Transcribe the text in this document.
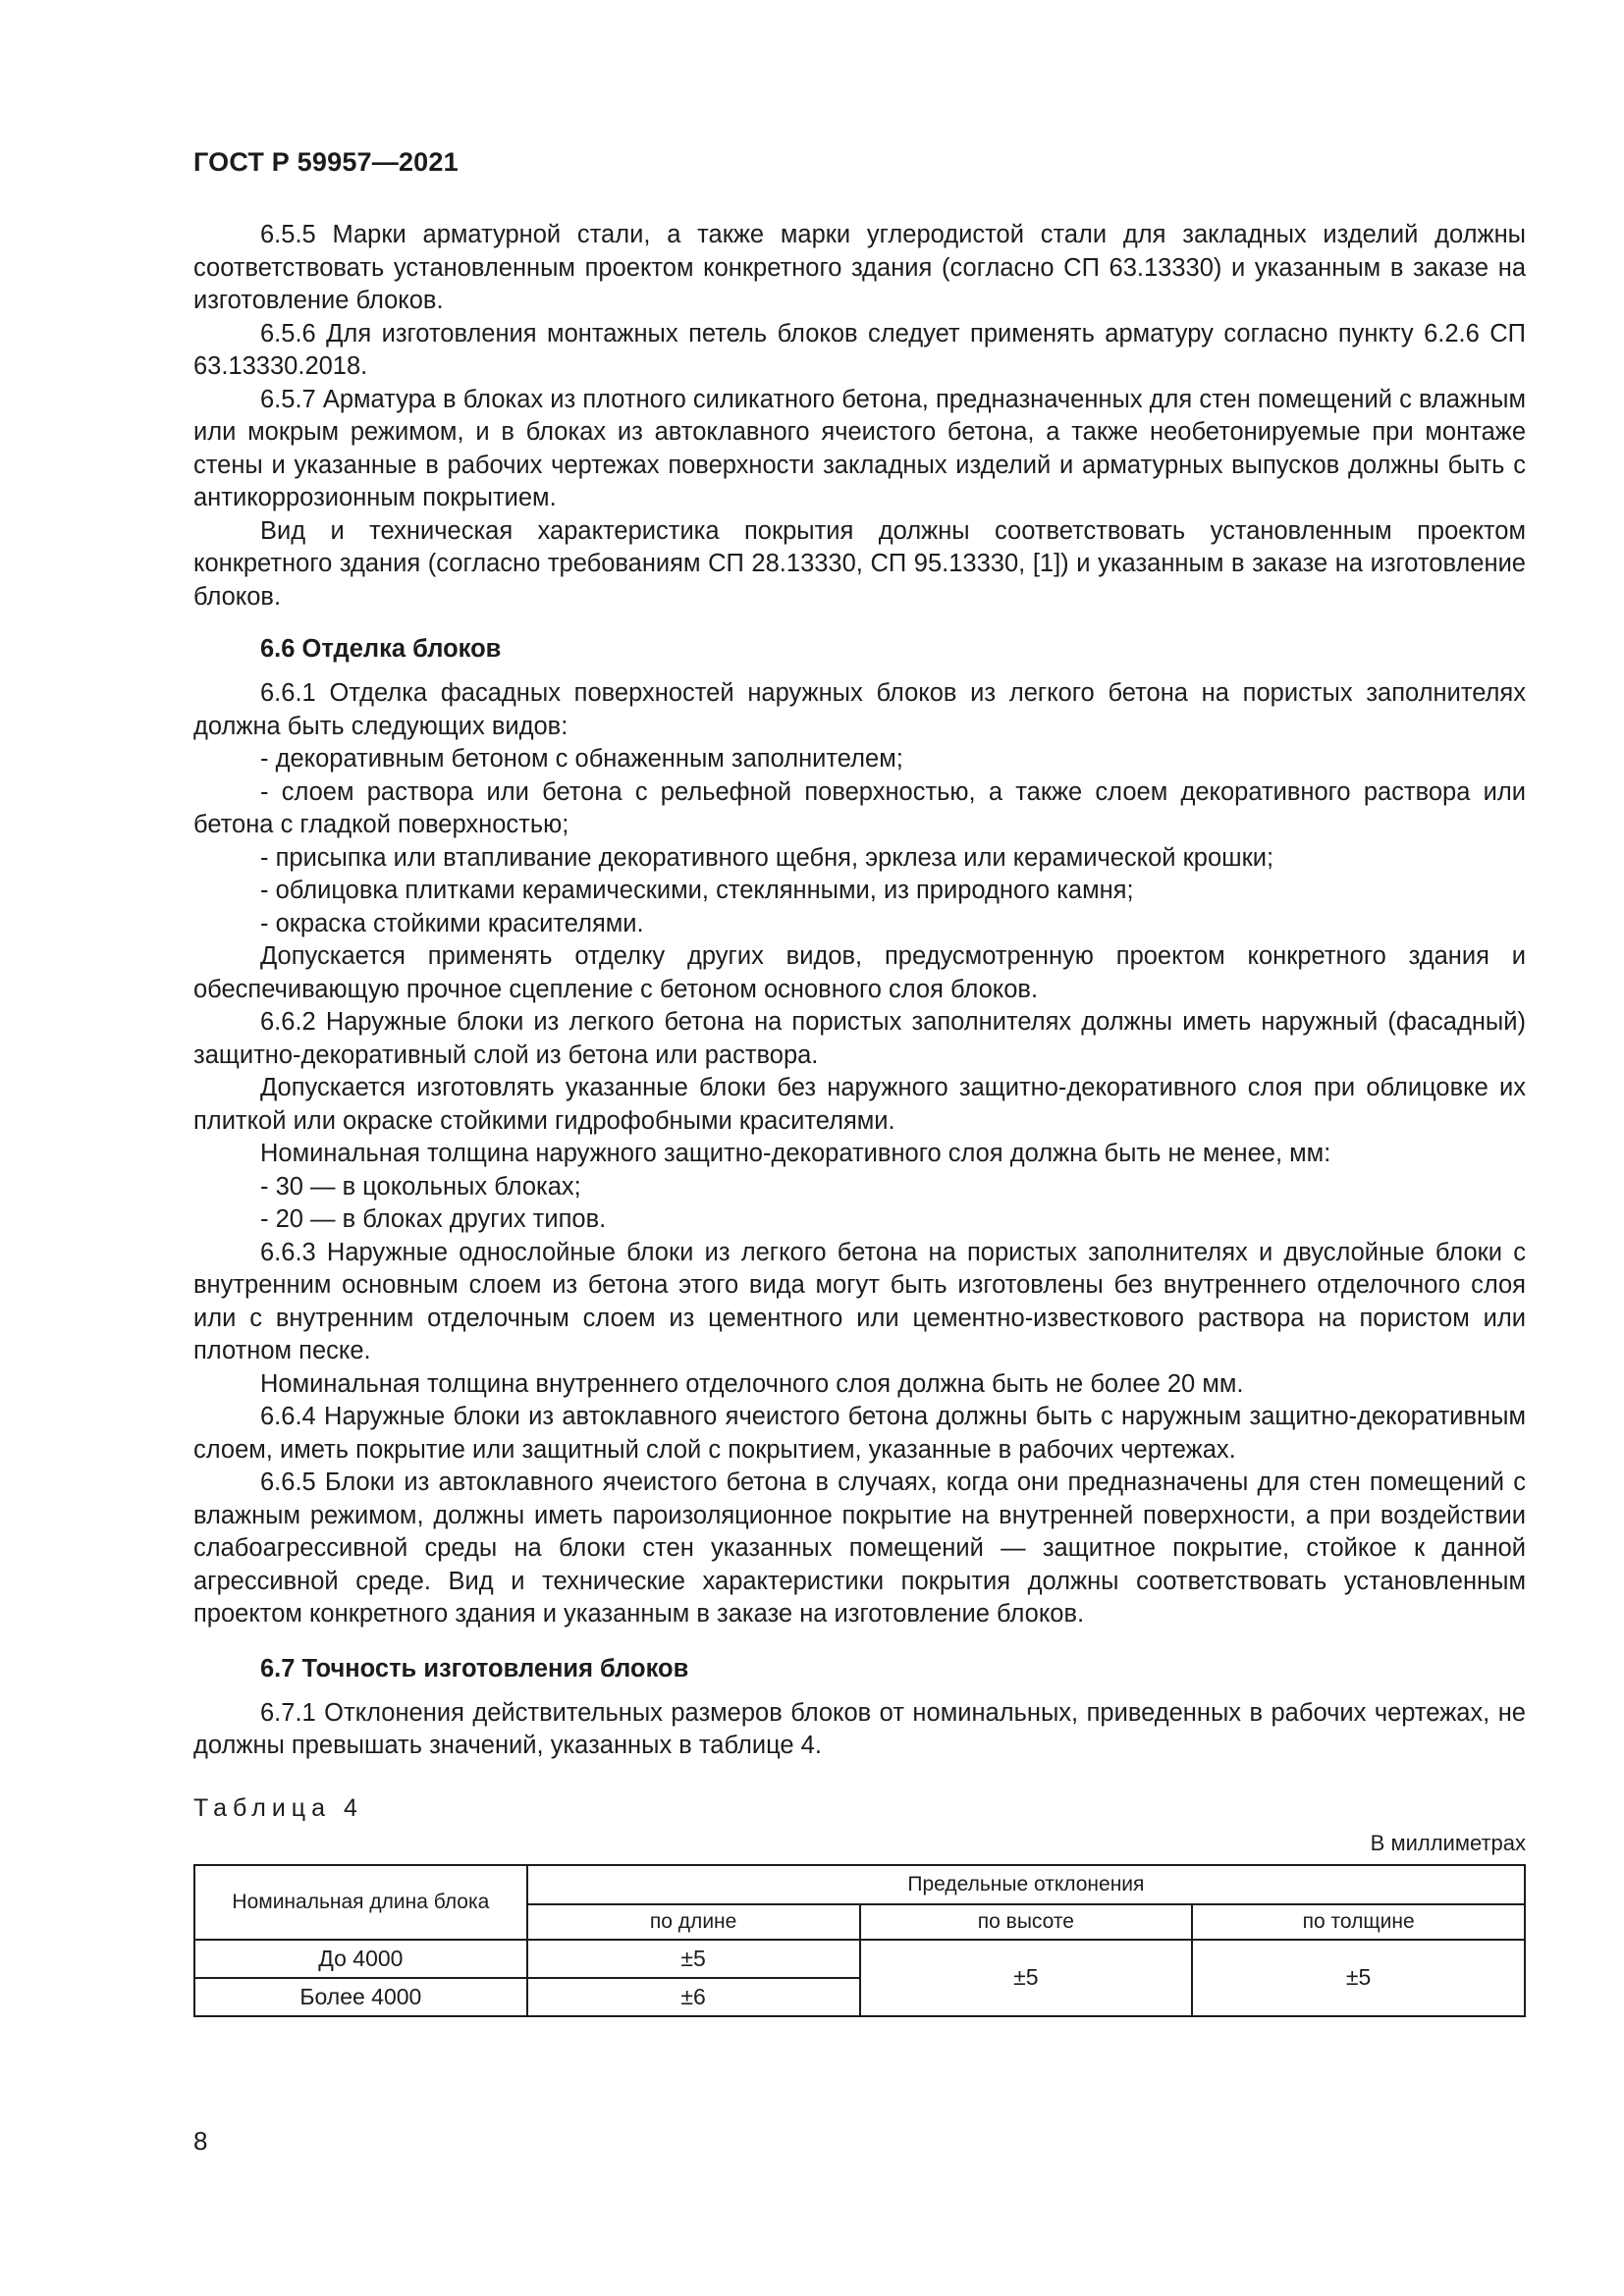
ГОСТ Р 59957—2021

6.5.5 Марки арматурной стали, а также марки углеродистой стали для закладных изделий должны соответствовать установленным проектом конкретного здания (согласно СП 63.13330) и указанным в заказе на изготовление блоков.

6.5.6 Для изготовления монтажных петель блоков следует применять арматуру согласно пункту 6.2.6 СП 63.13330.2018.

6.5.7 Арматура в блоках из плотного силикатного бетона, предназначенных для стен помещений с влажным или мокрым режимом, и в блоках из автоклавного ячеистого бетона, а также необетонируемые при монтаже стены и указанные в рабочих чертежах поверхности закладных изделий и арматурных выпусков должны быть с антикоррозионным покрытием.

Вид и техническая характеристика покрытия должны соответствовать установленным проектом конкретного здания (согласно требованиям СП 28.13330, СП 95.13330, [1]) и указанным в заказе на изготовление блоков.

6.6 Отделка блоков

6.6.1 Отделка фасадных поверхностей наружных блоков из легкого бетона на пористых заполнителях должна быть следующих видов:

- декоративным бетоном с обнаженным заполнителем;

- слоем раствора или бетона с рельефной поверхностью, а также слоем декоративного раствора или бетона с гладкой поверхностью;

- присыпка или втапливание декоративного щебня, эрклеза или керамической крошки;

- облицовка плитками керамическими, стеклянными, из природного камня;

- окраска стойкими красителями.

Допускается применять отделку других видов, предусмотренную проектом конкретного здания и обеспечивающую прочное сцепление с бетоном основного слоя блоков.

6.6.2 Наружные блоки из легкого бетона на пористых заполнителях должны иметь наружный (фасадный) защитно-декоративный слой из бетона или раствора.

Допускается изготовлять указанные блоки без наружного защитно-декоративного слоя при облицовке их плиткой или окраске стойкими гидрофобными красителями.

Номинальная толщина наружного защитно-декоративного слоя должна быть не менее, мм:

- 30 — в цокольных блоках;

- 20 — в блоках других типов.

6.6.3 Наружные однослойные блоки из легкого бетона на пористых заполнителях и двуслойные блоки с внутренним основным слоем из бетона этого вида могут быть изготовлены без внутреннего отделочного слоя или с внутренним отделочным слоем из цементного или цементно-известкового раствора на пористом или плотном песке.

Номинальная толщина внутреннего отделочного слоя должна быть не более 20 мм.

6.6.4 Наружные блоки из автоклавного ячеистого бетона должны быть с наружным защитно-декоративным слоем, иметь покрытие или защитный слой с покрытием, указанные в рабочих чертежах.

6.6.5 Блоки из автоклавного ячеистого бетона в случаях, когда они предназначены для стен помещений с влажным режимом, должны иметь пароизоляционное покрытие на внутренней поверхности, а при воздействии слабоагрессивной среды на блоки стен указанных помещений — защитное покрытие, стойкое к данной агрессивной среде. Вид и технические характеристики покрытия должны соответствовать установленным проектом конкретного здания и указанным в заказе на изготовление блоков.

6.7 Точность изготовления блоков

6.7.1 Отклонения действительных размеров блоков от номинальных, приведенных в рабочих чертежах, не должны превышать значений, указанных в таблице 4.

Таблица 4
В миллиметрах
Номинальная длина блока	Предельные отклонения		
	по длине	по высоте	по толщине
До 4000	±5	±5	±5
Более 4000	±6		
8
